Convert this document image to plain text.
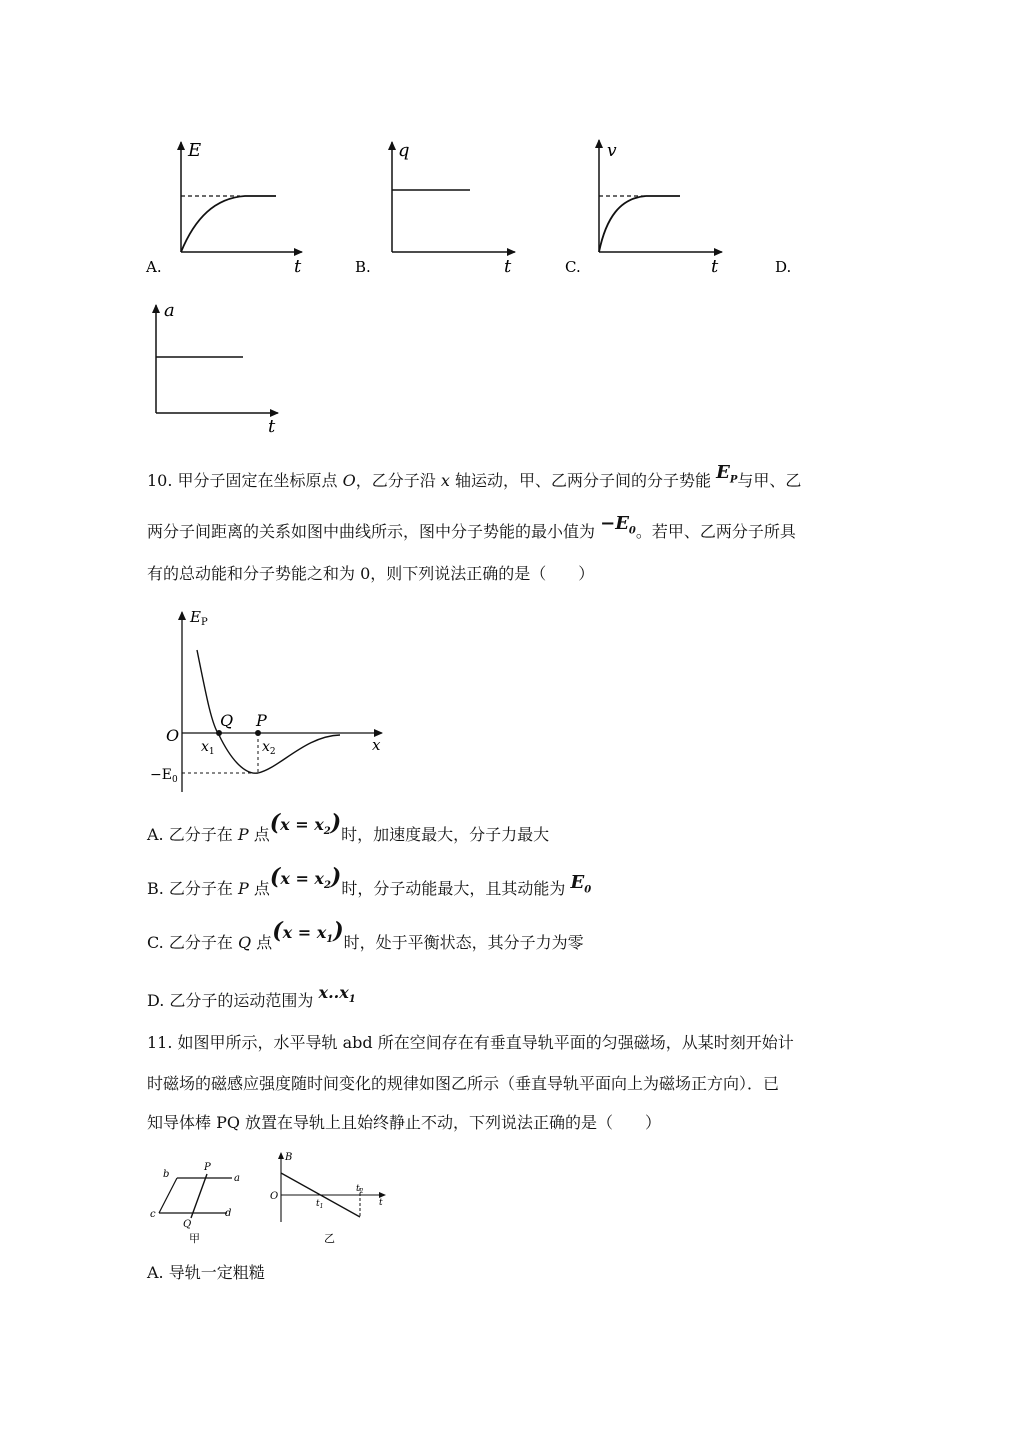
E
t
A.
q
t
B.
v
t
C.	D.
a
t
10. 甲分子固定在坐标原点 O，乙分子沿 x 轴运动，甲、乙两分子间的分子势能 $E_P$与甲、乙
两分子间距离的关系如图中曲线所示，图中分子势能的最小值为 $-E_0$。若甲、乙两分子所具
有的总动能和分子势能之和为 0，则下列说法正确的是（　　）
$E_P$
x
O
Q P
$x_1$	$x_2$
$-E_0$
A. 乙分子在 P 点$(x = x_2)$时，加速度最大，分子力最大
B. 乙分子在 P 点$(x = x_2)$时，分子动能最大，且其动能为 $E_0$
C. 乙分子在 Q 点$(x = x_1)$时，处于平衡状态，其分子力为零
D. 乙分子的运动范围为 $x..x_1$
11. 如图甲所示，水平导轨 abd 所在空间存在有垂直导轨平面的匀强磁场，从某时刻开始计
时磁场的磁感应强度随时间变化的规律如图乙所示（垂直导轨平面向上为磁场正方向）．已
知导体棒 PQ 放置在导轨上且始终静止不动，下列说法正确的是（　　）
b
P
a
c
Q
d
甲
B
O
$t_1$
$t_2$
t
乙
A. 导轨一定粗糙
